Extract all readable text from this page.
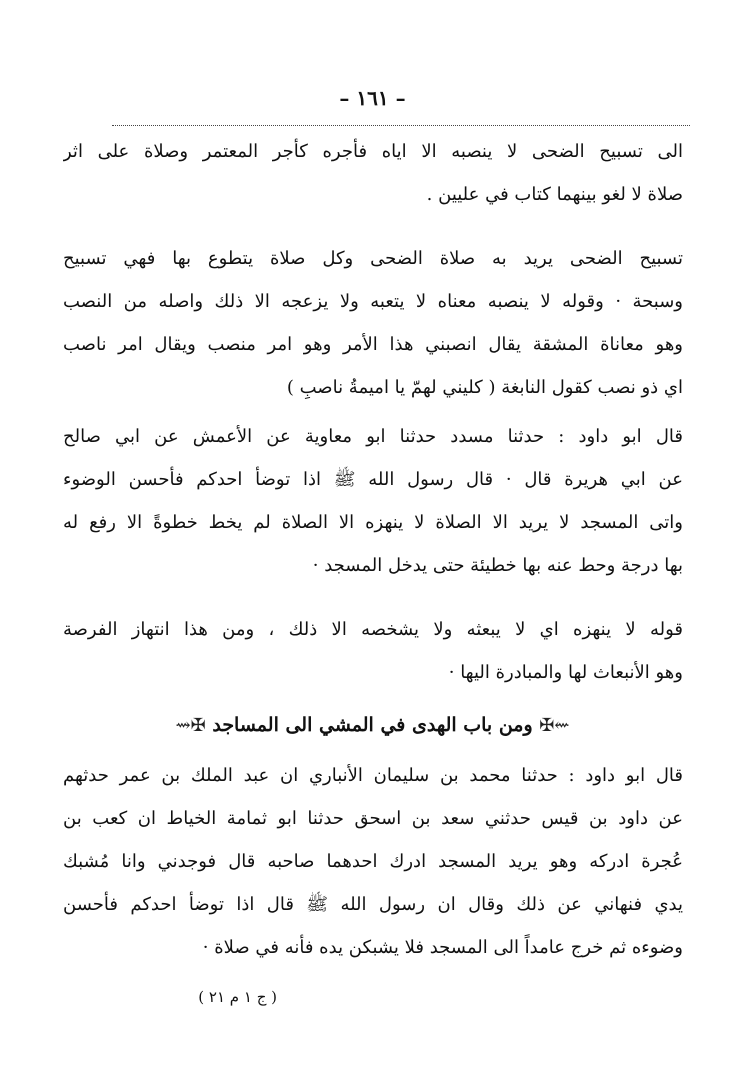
– ١٦١ –
الى تسبيح الضحى لا ينصبه الا اياه فأجره كأجر المعتمر وصلاة على اثر
صلاة لا لغو بينهما كتاب في عليين .
تسبيح الضحى يريد به صلاة الضحى وكل صلاة يتطوع بها فهي تسبيح
وسبحة · وقوله لا ينصبه معناه لا يتعبه ولا يزعجه الا ذلك واصله من النصب
وهو معاناة المشقة يقال انصبني هذا الأمر وهو امر منصب ويقال امر ناصب
اي ذو نصب كقول النابغة ( كليني لهمّ يا اميمةُ ناصبِ )
قال ابو داود : حدثنا مسدد حدثنا ابو معاوية عن الأعمش عن ابي صالح
عن ابي هريرة قال · قال رسول الله ﷺ اذا توضأ احدكم فأحسن الوضوء
واتى المسجد لا يريد الا الصلاة لا ينهزه الا الصلاة لم يخط خطوةً الا رفع له
بها درجة وحط عنه بها خطيئة حتى يدخل المسجد ·
قوله لا ينهزه اي لا يبعثه ولا يشخصه الا ذلك ، ومن هذا انتهاز الفرصة
وهو الأنبعاث لها والمبادرة اليها ·
⇜✠ ومن باب الهدى في المشي الى المساجد ✠⇝
قال ابو داود : حدثنا محمد بن سليمان الأنباري ان عبد الملك بن عمر حدثهم
عن داود بن قيس حدثني سعد بن اسحق حدثنا ابو ثمامة الخياط ان كعب بن
عُجرة ادركه وهو يريد المسجد ادرك احدهما صاحبه قال فوجدني وانا مُشبك
يدي فنهاني عن ذلك وقال ان رسول الله ﷺ قال اذا توضأ احدكم فأحسن
وضوءه ثم خرج عامداً الى المسجد فلا يشبكن يده فأنه في صلاة ·
( ج ١ م ٢١ )
